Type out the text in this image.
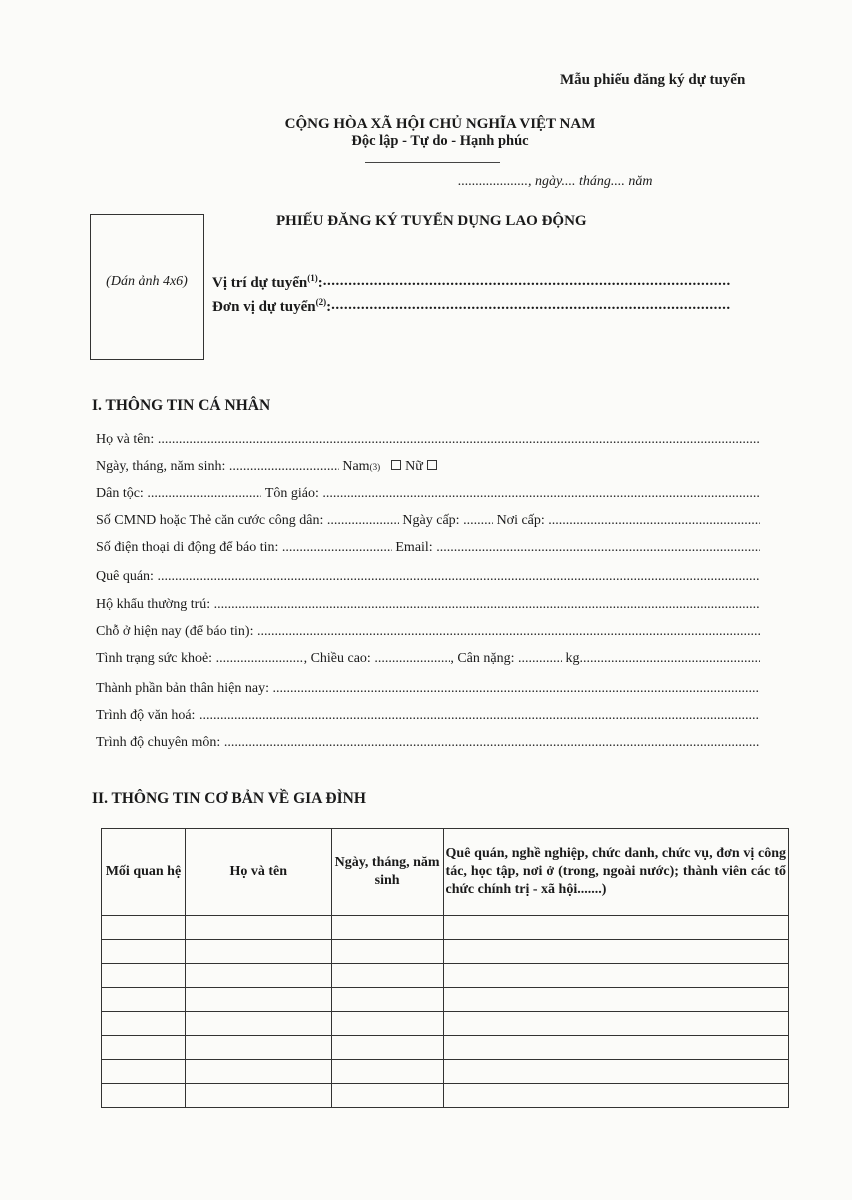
Mẫu phiếu đăng ký dự tuyển
CỘNG HÒA XÃ HỘI CHỦ NGHĨA VIỆT NAM
Độc lập - Tự do - Hạnh phúc
...................., ngày.... tháng.... năm
(Dán ảnh 4x6)
PHIẾU ĐĂNG KÝ TUYỂN DỤNG LAO ĐỘNG
Vị trí dự tuyển$^{(1)}$:
.....
Đơn vị dự tuyển$^{(2)}$:
.....
I. THÔNG TIN CÁ NHÂN
Họ và tên:

.....
Ngày, tháng, năm sinh:
.....
	Nam (3)
Nữ
Dân tộc:
.....
	Tôn giáo:

.....
Số CMND hoặc Thẻ căn cước công dân:
.....
	Ngày cấp:
.....
	Nơi cấp:

.....
Số điện thoại di động để báo tin:
.....
	Email:

.....
Quê quán:

.....
Hộ khẩu thường trú:

.....
Chỗ ở hiện nay (để báo tin):

.....
Tình trạng sức khoẻ:
.....	, Chiều cao:
.....	, Cân nặng:
.....
	kg
.....
Thành phần bản thân hiện nay:

.....
Trình độ văn hoá:

.....
Trình độ chuyên môn:

.....
II. THÔNG TIN CƠ BẢN VỀ GIA ĐÌNH
Mối quan hệ	Họ và tên	Ngày, tháng, năm sinh	Quê quán, nghề nghiệp, chức danh, chức vụ, đơn vị công tác, học tập, nơi ở (trong, ngoài nước); thành viên các tổ chức chính trị - xã hội.......)
